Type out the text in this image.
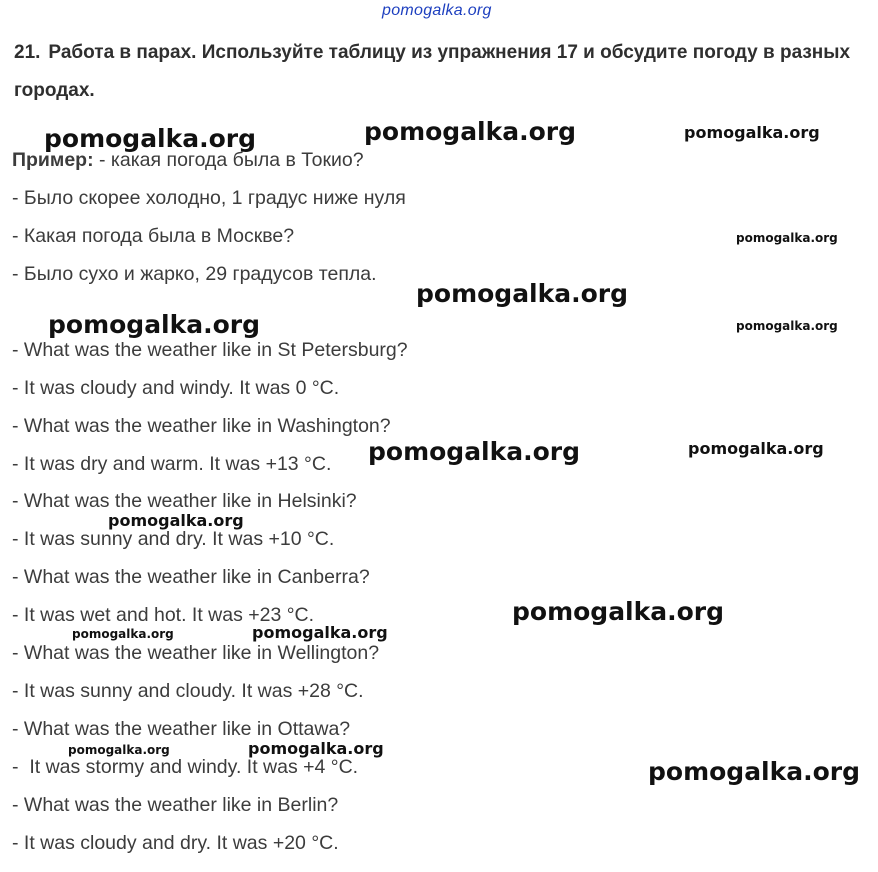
pomogalka.org
21. Работа в парах. Используйте таблицу из упражнения 17 и обсудите погоду в разных городах.
Пример: - какая погода была в Токио?
- Было скорее холодно, 1 градус ниже нуля
- Какая погода была в Москве?
- Было сухо и жарко, 29 градусов тепла.
- What was the weather like in St Petersburg?
- It was cloudy and windy. It was 0 °C.
- What was the weather like in Washington?
- It was dry and warm. It was +13 °C.
- What was the weather like in Helsinki?
- It was sunny and dry. It was +10 °C.
- What was the weather like in Canberra?
- It was wet and hot. It was +23 °C.
- What was the weather like in Wellington?
- It was sunny and cloudy. It was +28 °C.
- What was the weather like in Ottawa?
-  It was stormy and windy. It was +4 °C.
- What was the weather like in Berlin?
- It was cloudy and dry. It was +20 °C.
pomogalka.org	pomogalka.org	pomogalka.org
pomogalka.org
pomogalka.org
pomogalka.org	pomogalka.org
pomogalka.org	pomogalka.org
pomogalka.org
pomogalka.org
pomogalka.org	pomogalka.org
pomogalka.org	pomogalka.org
pomogalka.org
